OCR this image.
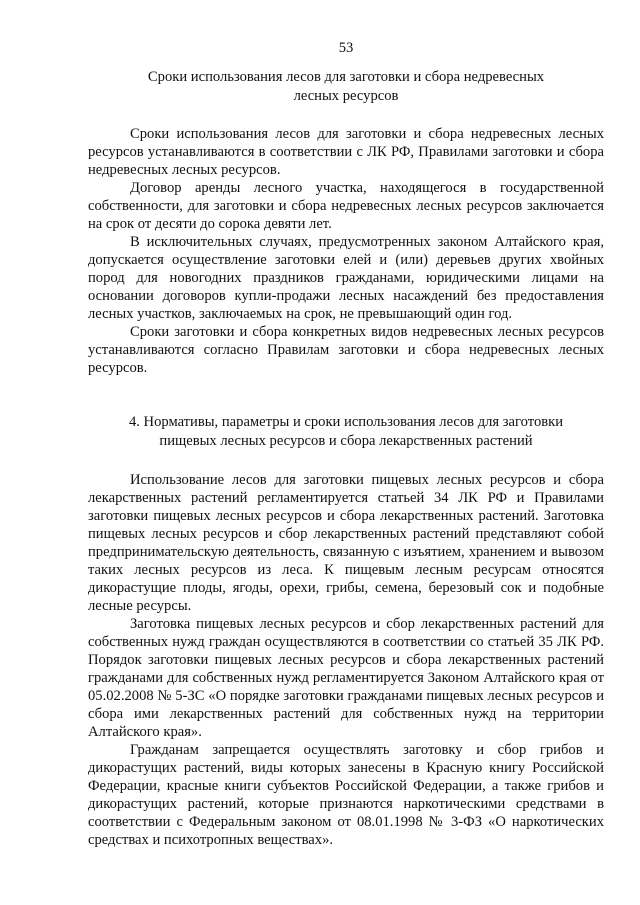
53
Сроки использования лесов для заготовки и сбора недревесных
лесных ресурсов

Сроки использования лесов для заготовки и сбора недревесных лесных ресурсов устанавливаются в соответствии с ЛК РФ, Правилами заготовки и сбора недревесных лесных ресурсов.

Договор аренды лесного участка, находящегося в государственной собственности, для заготовки и сбора недревесных лесных ресурсов заключается на срок от десяти до сорока девяти лет.

В исключительных случаях, предусмотренных законом Алтайского края, допускается осуществление заготовки елей и (или) деревьев других хвойных пород для новогодних праздников гражданами, юридическими лицами на основании договоров купли-продажи лесных насаждений без предоставления лесных участков, заключаемых на срок, не превышающий один год.

Сроки заготовки и сбора конкретных видов недревесных лесных ресурсов устанавливаются согласно Правилам заготовки и сбора недревесных лесных ресурсов.

4. Нормативы, параметры и сроки использования лесов для заготовки
пищевых лесных ресурсов и сбора лекарственных растений

Использование лесов для заготовки пищевых лесных ресурсов и сбора лекарственных растений регламентируется статьей 34 ЛК РФ и Правилами заготовки пищевых лесных ресурсов и сбора лекарственных растений. Заготовка пищевых лесных ресурсов и сбор лекарственных растений представляют собой предпринимательскую деятельность, связанную с изъятием, хранением и вывозом таких лесных ресурсов из леса. К пищевым лесным ресурсам относятся дикорастущие плоды, ягоды, орехи, грибы, семена, березовый сок и подобные лесные ресурсы.

Заготовка пищевых лесных ресурсов и сбор лекарственных растений для собственных нужд граждан осуществляются в соответствии со статьей 35 ЛК РФ. Порядок заготовки пищевых лесных ресурсов и сбора лекарственных растений гражданами для собственных нужд регламентируется Законом Алтайского края от 05.02.2008 № 5-ЗС «О порядке заготовки гражданами пищевых лесных ресурсов и сбора ими лекарственных растений для собственных нужд на территории Алтайского края».

Гражданам запрещается осуществлять заготовку и сбор грибов и дикорастущих растений, виды которых занесены в Красную книгу Российской Федерации, красные книги субъектов Российской Федерации, а также грибов и дикорастущих растений, которые признаются наркотическими средствами в соответствии с Федеральным законом от 08.01.1998 № 3-ФЗ «О наркотических средствах и психотропных веществах».
